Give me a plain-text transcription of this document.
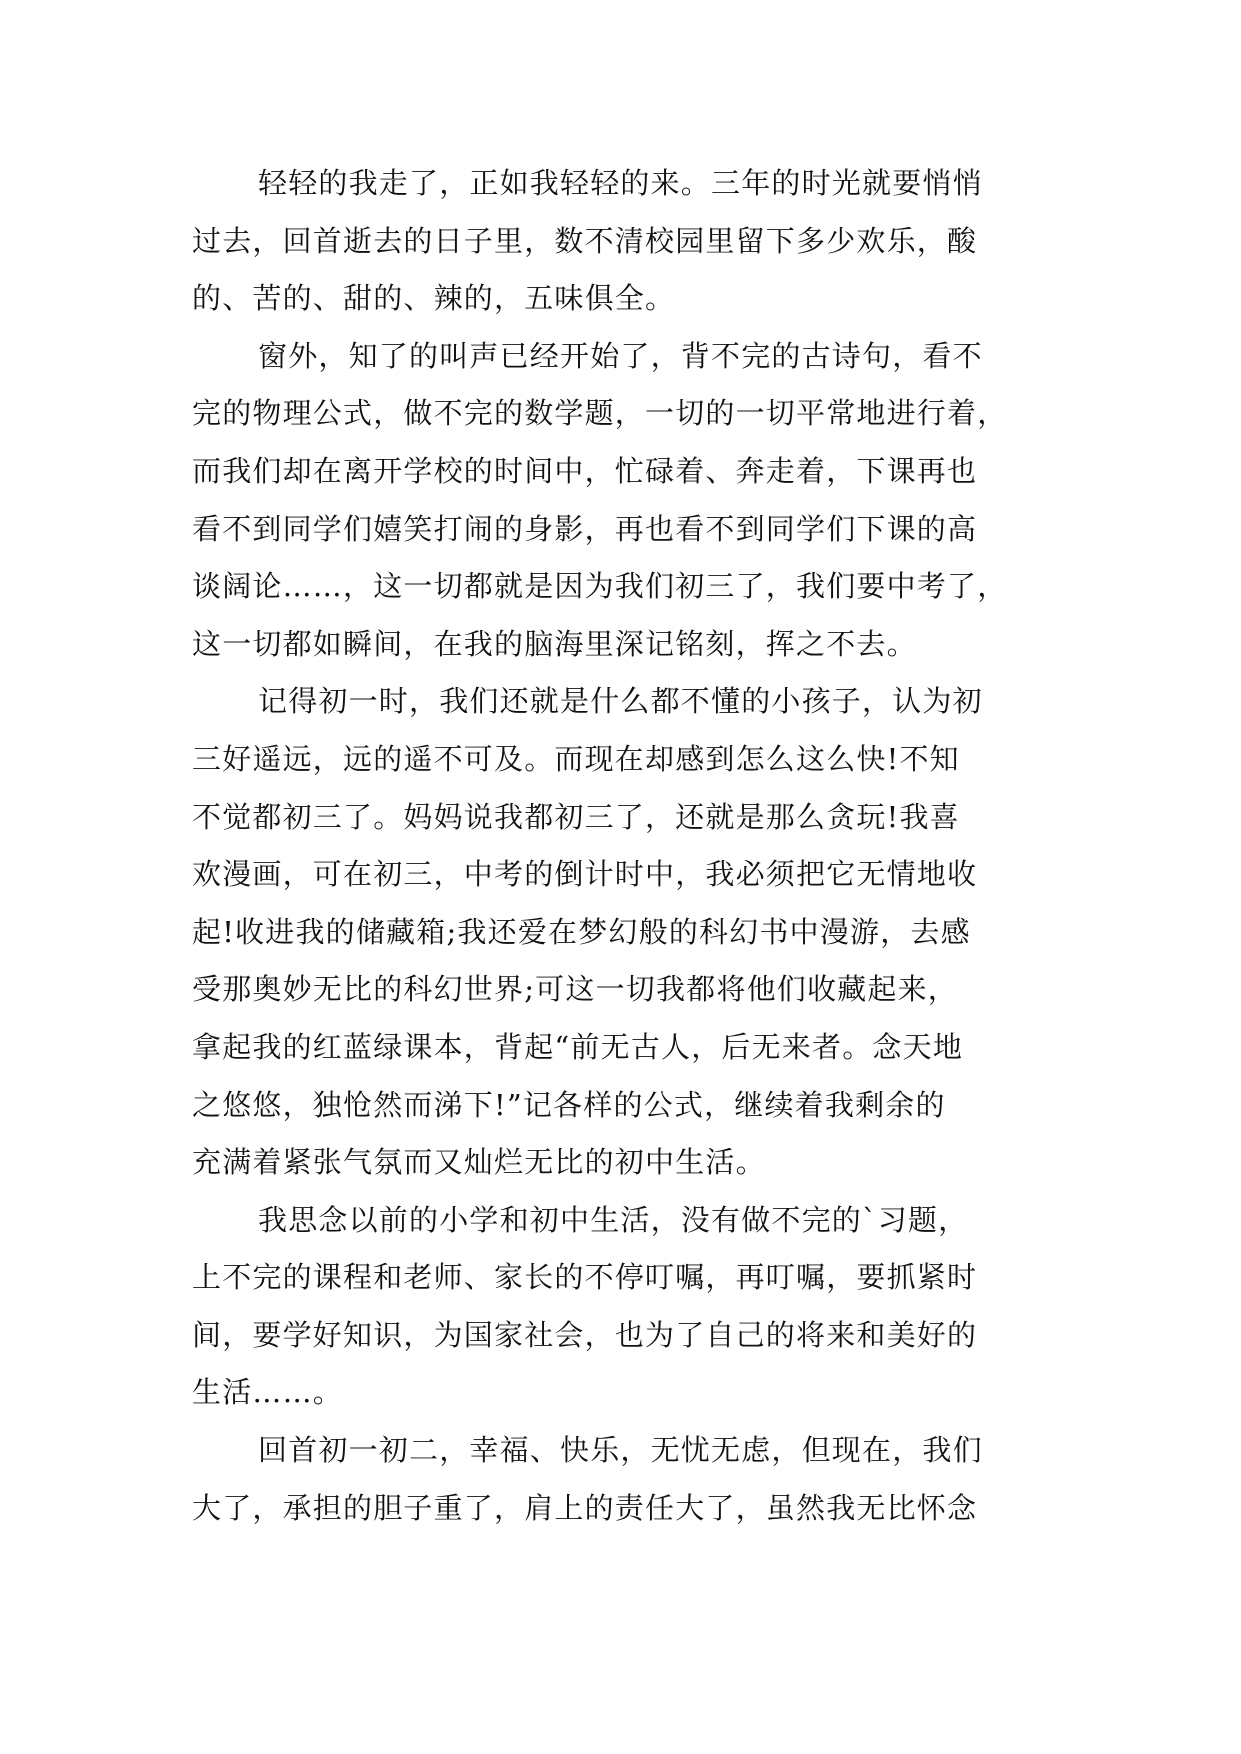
轻轻的我走了，正如我轻轻的来。三年的时光就要悄悄
过去，回首逝去的日子里，数不清校园里留下多少欢乐，酸
的、苦的、甜的、辣的，五味俱全。

窗外，知了的叫声已经开始了，背不完的古诗句，看不
完的物理公式，做不完的数学题，一切的一切平常地进行着，
而我们却在离开学校的时间中，忙碌着、奔走着，下课再也
看不到同学们嬉笑打闹的身影，再也看不到同学们下课的高
谈阔论……，这一切都就是因为我们初三了，我们要中考了，
这一切都如瞬间，在我的脑海里深记铭刻，挥之不去。

记得初一时，我们还就是什么都不懂的小孩子，认为初
三好遥远，远的遥不可及。而现在却感到怎么这么快!不知
不觉都初三了。妈妈说我都初三了，还就是那么贪玩!我喜
欢漫画，可在初三，中考的倒计时中，我必须把它无情地收
起!收进我的储藏箱;我还爱在梦幻般的科幻书中漫游，去感
受那奥妙无比的科幻世界;可这一切我都将他们收藏起来，
拿起我的红蓝绿课本，背起“前无古人，后无来者。念天地
之悠悠，独怆然而涕下!”记各样的公式，继续着我剩余的
充满着紧张气氛而又灿烂无比的初中生活。

我思念以前的小学和初中生活，没有做不完的`习题，
上不完的课程和老师、家长的不停叮嘱，再叮嘱，要抓紧时
间，要学好知识，为国家社会，也为了自己的将来和美好的
生活……。

回首初一初二，幸福、快乐，无忧无虑，但现在，我们
大了，承担的胆子重了，肩上的责任大了，虽然我无比怀念
